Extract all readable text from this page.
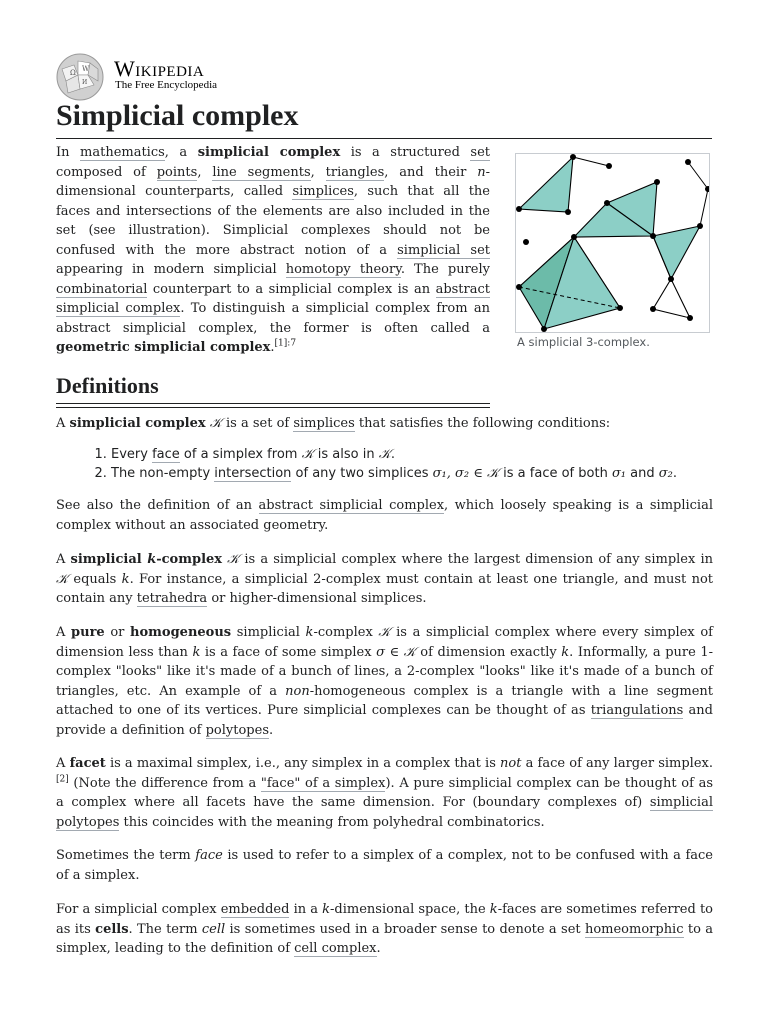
Ω W
И
Wikipedia
The Free Encyclopedia
Simplicial complex

In mathematics, a simplicial complex is a structured set composed of points, line segments, triangles, and their n-dimensional counterparts, called simplices, such that all the faces and intersections of the elements are also included in the set (see illustration). Simplicial complexes should not be confused with the more abstract notion of a simplicial set appearing in modern simplicial homotopy theory. The purely combinatorial counterpart to a simplicial complex is an abstract simplicial complex. To distinguish a simplicial complex from an abstract simplicial complex, the former is often called a geometric simplicial complex.$^{[1]:7}$	A simplicial 3-complex.
Definitions

A simplicial complex 𝒦 is a set of simplices that satisfies the following conditions:

1. Every face of a simplex from 𝒦 is also in 𝒦.
2. The non-empty intersection of any two simplices σ₁, σ₂ ∈ 𝒦 is a face of both σ₁ and σ₂.

See also the definition of an abstract simplicial complex, which loosely speaking is a simplicial complex without an associated geometry.

A simplicial k-complex 𝒦 is a simplicial complex where the largest dimension of any simplex in 𝒦 equals k. For instance, a simplicial 2-complex must contain at least one triangle, and must not contain any tetrahedra or higher-dimensional simplices.

A pure or homogeneous simplicial k-complex 𝒦 is a simplicial complex where every simplex of dimension less than k is a face of some simplex σ ∈ 𝒦 of dimension exactly k. Informally, a pure 1-complex "looks" like it's made of a bunch of lines, a 2-complex "looks" like it's made of a bunch of triangles, etc. An example of a non-homogeneous complex is a triangle with a line segment attached to one of its vertices. Pure simplicial complexes can be thought of as triangulations and provide a definition of polytopes.

A facet is a maximal simplex, i.e., any simplex in a complex that is not a face of any larger simplex.[2] (Note the difference from a "face" of a simplex). A pure simplicial complex can be thought of as a complex where all facets have the same dimension. For (boundary complexes of) simplicial polytopes this coincides with the meaning from polyhedral combinatorics.

Sometimes the term face is used to refer to a simplex of a complex, not to be confused with a face of a simplex.

For a simplicial complex embedded in a k-dimensional space, the k-faces are sometimes referred to as its cells. The term cell is sometimes used in a broader sense to denote a set homeomorphic to a simplex, leading to the definition of cell complex.
